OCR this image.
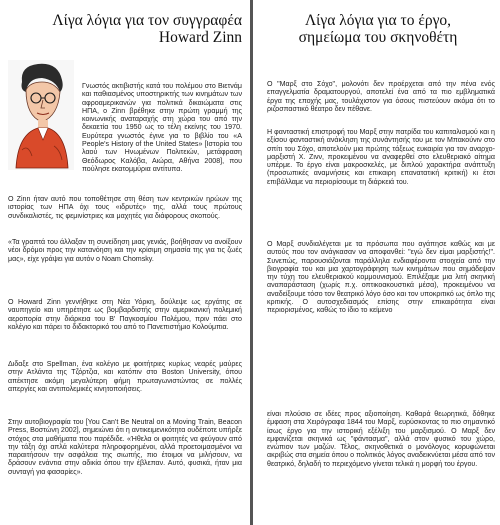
Λίγα λόγια για τον συγγραφέα
Howard Zinn

Γνωστός ακτιβιστής κατά του πολέμου στο Βιετνάμ και παθιασμένος υποστηρικτής των κινημάτων των αφροαμερικανών για πολιτικά δικαιώματα στις ΗΠΑ, ο Zinn βρέθηκε στην πρώτη γραμμή της κοινωνικής αναταραχής στη χώρα του από την δεκαετία του 1950 ως το τέλη εκείνης του 1970. Ευρύτερα γνωστός έγινε για το βιβλίο του «A People's History of the United States» [Ιστορία του λαού των Ηνωμένων Πολιτειών, μετάφραση Θεόδωρος Καλόβα, Αιώρα, Αθήνα 2008], που πούλησε εκατομμύρια αντίτυπα.

Ο Zinn ήταν αυτό που τοποθέτησε στη θέση των κεντρικών ηρώων της ιστορίας των ΗΠΑ όχι τους «ιδρυτές» της, αλλά τους πρώτους συνδικαλιστές, τις φεμινίστριες και μαχητές για διάφορους σκοπούς.

«Τα γραπτά του άλλαξαν τη συνείδηση μιας γενιάς, βοήθησαν να ανοίξουν νέοι δρόμοι προς την κατανόηση και την κρίσιμη σημασία της για τις ζωές μας», είχε γράψει για αυτόν ο Noam Chomsky.

Ο Howard Zinn γεννήθηκε στη Νέα Υόρκη, δούλεψε ως εργάτης σε ναυπηγείο και υπηρέτησε ως βομβαρδιστής στην αμερικανική πολεμική αεροπορία στην διάρκεια του Β' Παγκοσμίου Πολέμου, πριν πάει στο κολέγιο και πάρει το διδακτορικό του από το Πανεπιστήμιο Κολούμπια.

Διδαξε στο Spellman, ένα κολέγιο με φοιτήτριες κυρίως νεαρές μαύρες στην Ατλάντα της Τζόρτζια, και κατόπιν στο Boston University, όπου απέκτησε ακόμη μεγαλύτερη φήμη πρωταγωνιστώντας σε πολλές απεργίες και αντιπολεμικές κινητοποιήσεις.

Στην αυτοβιογραφία του [You Can't Be Neutral on a Moving Train, Beacon Press, Βοστώνη 2002], σημειώνει ότι η αντικειμενικότητα ουδέποτε υπήρξε στόχος στα μαθήματα που παρέδιδε. «Ήθελα οι φοιτητές να φεύγουν από την τάξη όχι απλά καλύτερα πληροφορημένοι, αλλά προετοιμασμένοι να παραιτήσουν την ασφάλεια της σιωπής, πιο έτοιμοι να μιλήσουν, να δράσουν ενάντια στην αδικία όπου την έβλεπαν. Αυτό, φυσικά, ήταν μια συνταγή για φασαρίες».

Λίγα λόγια για το έργο,
σημείωμα του σκηνοθέτη

Ο "Μαρξ στο Σόχο", μολονότι δεν προέρχεται από την πένα ενός επαγγελματία δραματουργού, αποτελεί ένα από τα πιο εμβληματικά έργα της εποχής μας, τουλάχιστον για όσους πιστεύουν ακόμα ότι το ριζοσπαστικό θέατρο δεν πέθανε.

Η φανταστική επιστροφή του Μαρξ στην πατρίδα του καπιταλισμού και η εξίσου φανταστική ανάκληση της συνάντησής του με τον Μπακούνιν στο σπίτι του Σόχο, αποτελούν μια πρώτης τάξεως ευκαιρία για τον αναρχο-μαρξιστή Χ. Ζινν, προκειμένου να αναφερθεί στο ελευθεριακό αίτημα υπέρμε. Το έργο είναι μακροσκελές, με διπλού χαρακτήρα ανάπτυξη (προσωπικές αναμνήσεις και επικαιρη επανατατική κριτική) κι έτσι επιβάλλαμε να περιορίσουμε τη διάρκειά του.

Ο Μαρξ συνδιαλέγεται με τα πρόσωπα που αγάπησε καθώς και με αυτούς που τον ανάγκασαν να αποφανθεί: "εγώ δεν είμαι μαρξιστής!". Συνεπώς, παρουσιάζονται παράλληλα ενδιαφέροντα στοιχεία από την βιογραφία του και μια χαρτογράφηση των κινημάτων που σημάδεψαν την τύχη του ελευθεριακού κομμουνισμού. Επιλέξαμε μια λιτή σκηνική αναπαράσταση (χωρίς π.χ. οπτικοακουστικά μέσα), προκειμένου να αναδείξουμε τόσο τον θεατρικό λόγο όσο και τον υποκριτικό ως όπλο της κριτικής. Ο αυτοσχεδιασμός επίσης στην επικαιρότητα είναι περιορισμένος, καθώς το ίδιο το κείμενο

είναι πλούσιο σε ιδέες προς αξιοποίηση. Καθαρά θεωρητικά, δόθηκε έμφαση στα Χειρόγραφα 1844 του Μαρξ, ευρύσκοντας το πιο σημαντικό ίσως έργο για την ιστορική εξέλιξη του μαρξισμού. Ο Μαρξ δεν εμφανίζεται σκηνικά ως "φάντασμα", αλλά στον φυσικό του χώρο, ενώπιον των μαζών. Τέλος, σκηνοθετικά ο μονόλογος κορυφώνεται ακριβώς στα σημεία όπου ο πολιτικός λόγος αναδεικνύεται μέσα από τον θεατρικό, δηλαδή το περιεχόμενο γίνεται τελικά η μορφή του έργου.
